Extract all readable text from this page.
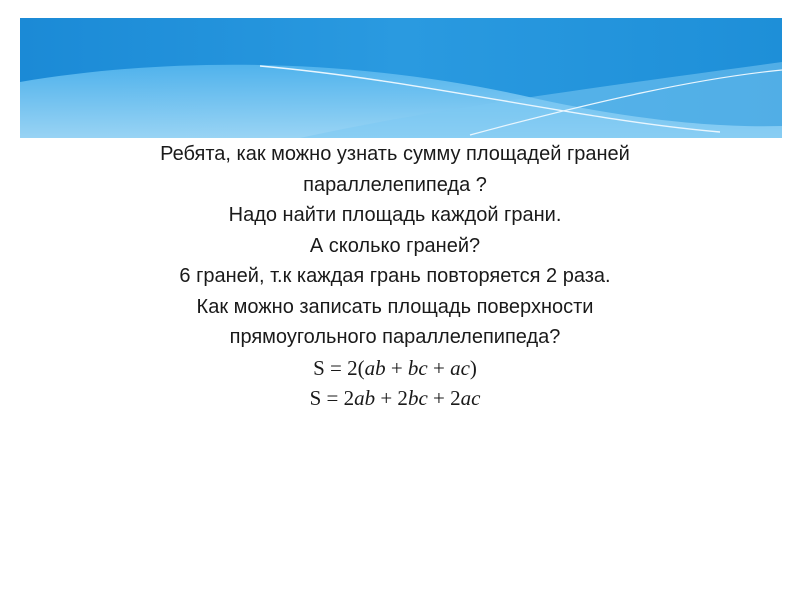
Ребята, как можно узнать сумму площадей граней
параллелепипеда ?
Надо найти площадь каждой грани.
А сколько граней?
6 граней, т.к каждая грань повторяется 2 раза.
Как можно записать площадь поверхности
прямоугольного параллелепипеда?
S = 2(ab + bc + ac)
S = 2ab + 2bc + 2ac
